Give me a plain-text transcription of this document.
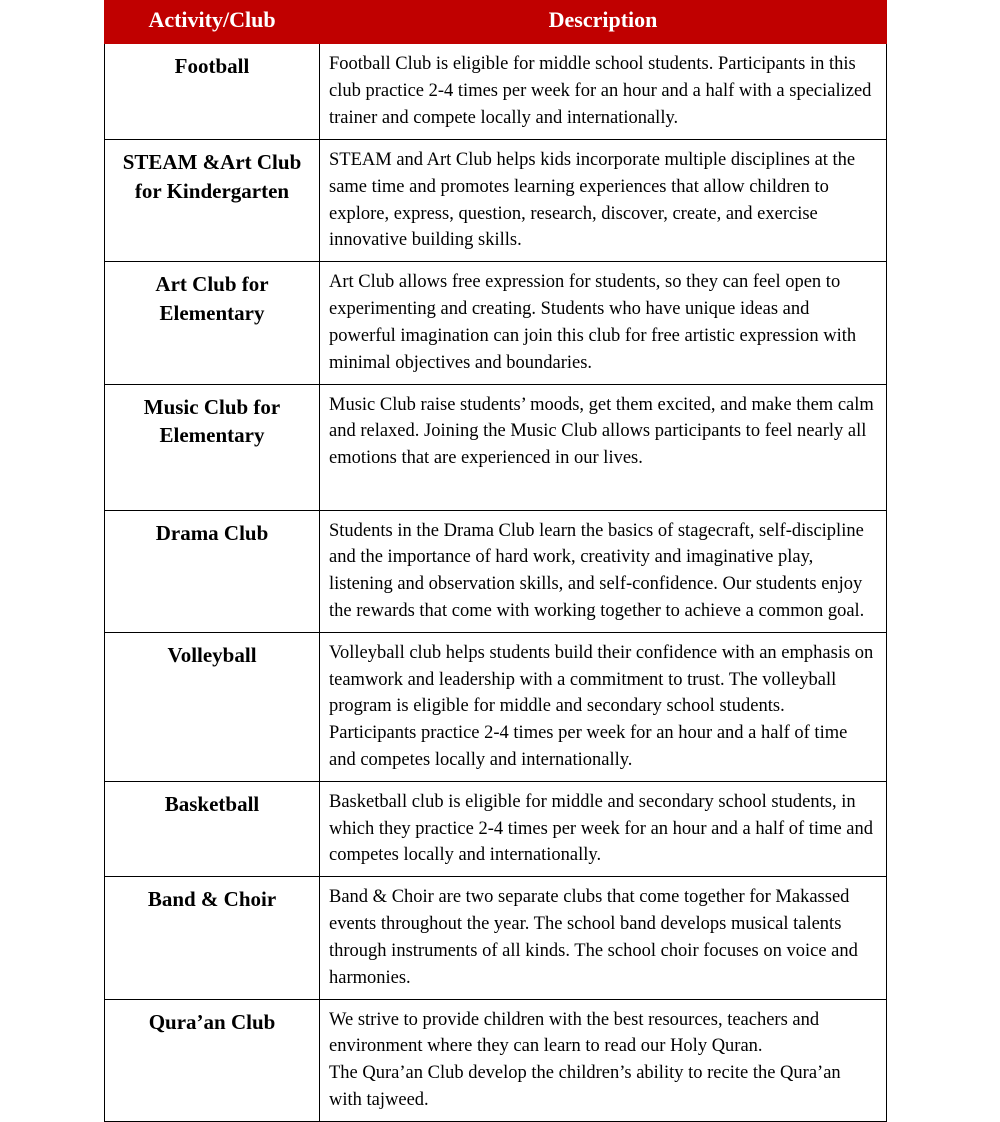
Activity/Club	Description
Football	Football Club is eligible for middle school students. Participants in this club practice 2-4 times per week for an hour and a half with a specialized trainer and compete locally and internationally.

STEAM &Art Club for Kindergarten	STEAM and Art Club helps kids incorporate multiple disciplines at the same time and promotes learning experiences that allow children to explore, express, question, research, discover, create, and exercise innovative building skills.

Art Club for Elementary	Art Club allows free expression for students, so they can feel open to experimenting and creating. Students who have unique ideas and powerful imagination can join this club for free artistic expression with minimal objectives and boundaries.

Music Club for Elementary	Music Club raise students’ moods, get them excited, and make them calm and relaxed. Joining the Music Club allows participants to feel nearly all emotions that are experienced in our lives.

Drama Club	Students in the Drama Club learn the basics of stagecraft, self-discipline and the importance of hard work, creativity and imaginative play, listening and observation skills, and self-confidence. Our students enjoy the rewards that come with working together to achieve a common goal.

Volleyball	Volleyball club helps students build their confidence with an emphasis on teamwork and leadership with a commitment to trust. The volleyball program is eligible for middle and secondary school students. Participants practice 2-4 times per week for an hour and a half of time and competes locally and internationally.

Basketball	Basketball club is eligible for middle and secondary school students, in which they practice 2-4 times per week for an hour and a half of time and competes locally and internationally.

Band & Choir	Band & Choir are two separate clubs that come together for Makassed events throughout the year. The school band develops musical talents through instruments of all kinds. The school choir focuses on voice and harmonies.

Qura’an Club	We strive to provide children with the best resources, teachers and environment where they can learn to read our Holy Quran.

The Qura’an Club develop the children’s ability to recite the Qura’an with tajweed.
